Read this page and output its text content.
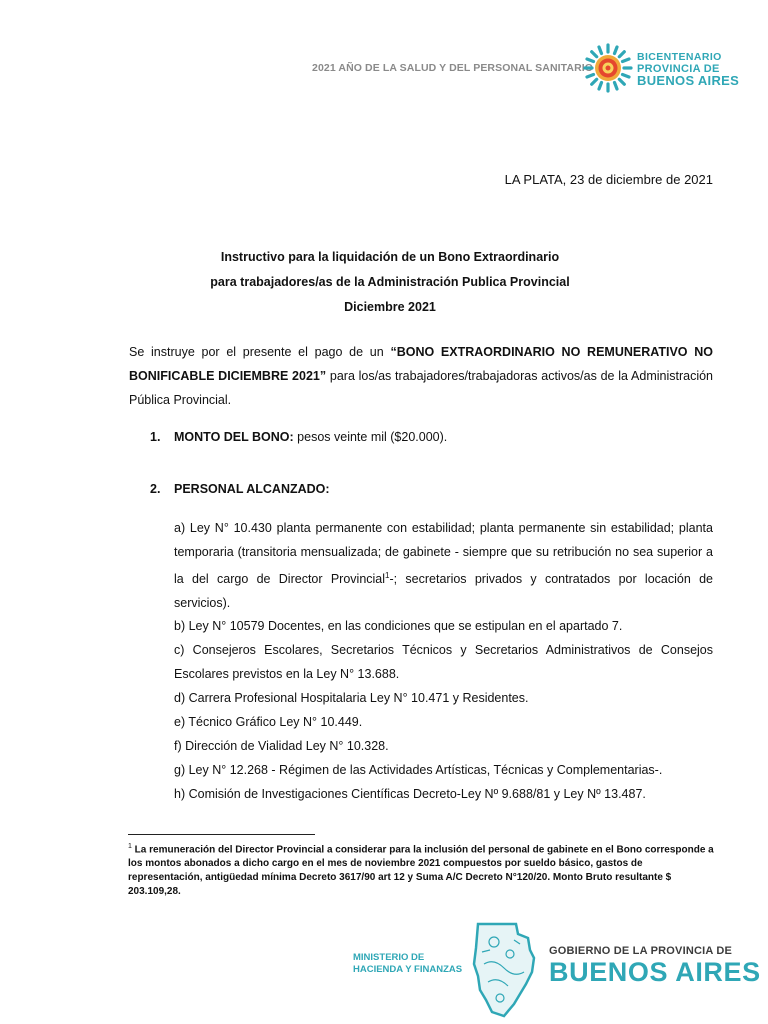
2021 AÑO DE LA SALUD Y DEL PERSONAL SANITARIO
BICENTENARIO
PROVINCIA DE
BUENOS AIRES
LA PLATA, 23 de diciembre de 2021
Instructivo para la liquidación de un Bono Extraordinario
para trabajadores/as de la Administración Publica Provincial
Diciembre 2021
Se instruye por el presente el pago de un “BONO EXTRAORDINARIO NO REMUNERATIVO NO BONIFICABLE DICIEMBRE 2021” para los/as trabajadores/trabajadoras activos/as de la Administración Pública Provincial.
1.	MONTO DEL BONO: pesos veinte mil ($20.000).
2.	PERSONAL ALCANZADO:
a) Ley N° 10.430 planta permanente con estabilidad; planta permanente sin estabilidad; planta temporaria (transitoria mensualizada; de gabinete - siempre que su retribución no sea superior a la del cargo de Director Provincial$^1$-; secretarios privados y contratados por locación de servicios).
b) Ley N° 10579 Docentes, en las condiciones que se estipulan en el apartado 7.
c) Consejeros Escolares, Secretarios Técnicos y Secretarios Administrativos de Consejos Escolares previstos en la Ley N° 13.688.
d) Carrera Profesional Hospitalaria Ley N° 10.471 y Residentes.
e) Técnico Gráfico Ley N° 10.449.
f) Dirección de Vialidad Ley N° 10.328.
g) Ley N° 12.268 - Régimen de las Actividades Artísticas, Técnicas y Complementarias-.
h) Comisión de Investigaciones Científicas Decreto-Ley Nº 9.688/81 y Ley Nº 13.487.
$^1$ La remuneración del Director Provincial a considerar para la inclusión del personal de gabinete en el Bono corresponde a los montos abonados a dicho cargo en el mes de noviembre 2021 compuestos por sueldo básico, gastos de representación, antigüedad mínima Decreto 3617/90 art 12 y Suma A/C Decreto N°120/20. Monto Bruto resultante $ 203.109,28.
MINISTERIO DE
HACIENDA Y FINANZAS
GOBIERNO DE LA PROVINCIA DE
BUENOS AIRES
